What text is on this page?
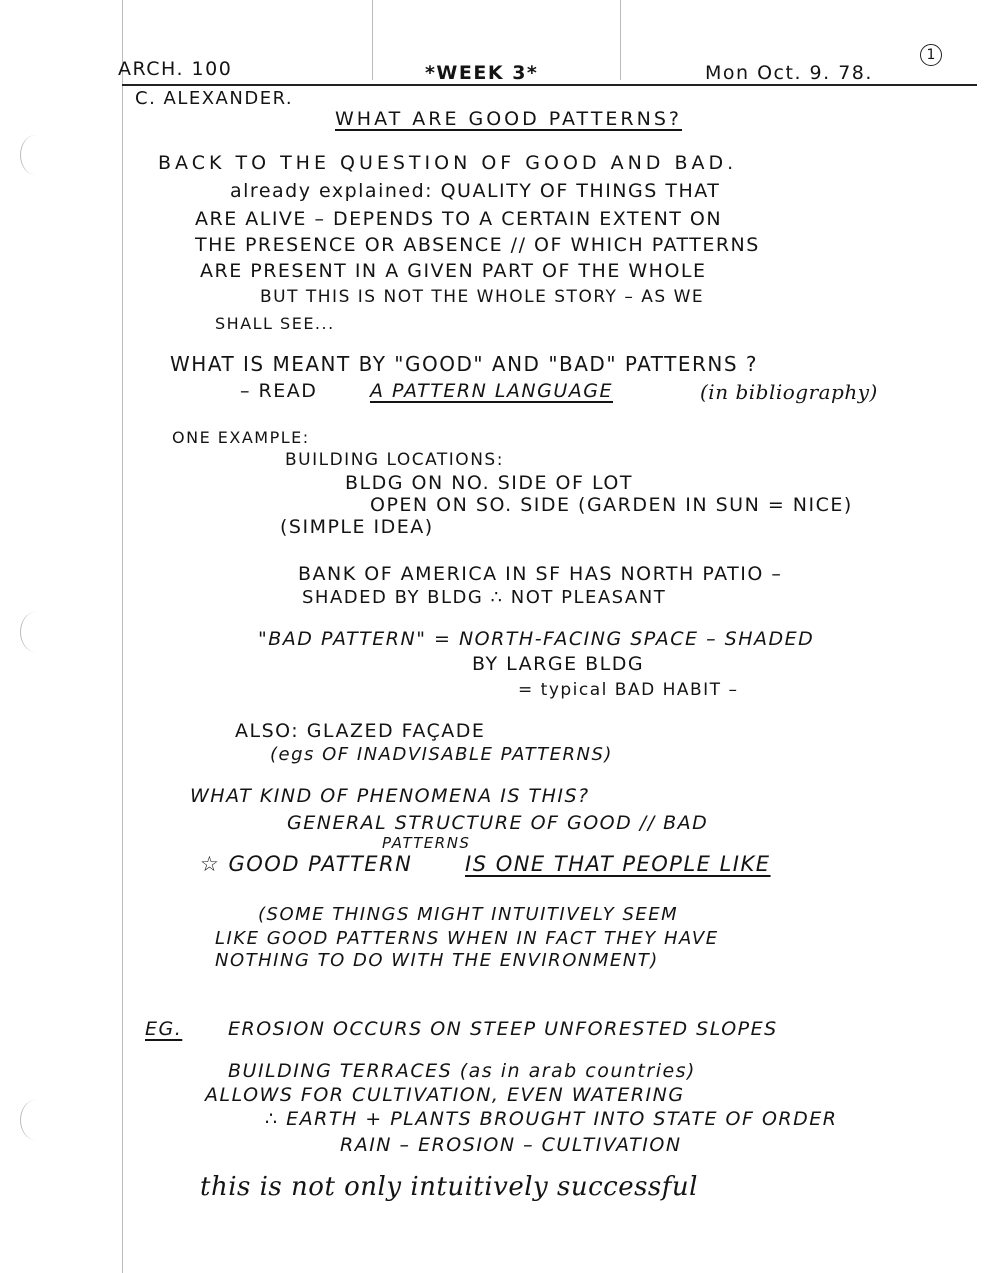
1
ARCH. 100	*WEEK 3*	Mon Oct. 9. 78.
C. ALEXANDER.
WHAT ARE GOOD PATTERNS?
BACK TO THE QUESTION OF GOOD AND BAD.
already explained: QUALITY OF THINGS THAT
ARE ALIVE – DEPENDS TO A CERTAIN EXTENT ON
THE PRESENCE OR ABSENCE // OF WHICH PATTERNS
ARE PRESENT IN A GIVEN PART OF THE WHOLE
BUT THIS IS NOT THE WHOLE STORY – AS WE
SHALL SEE...
WHAT IS MEANT BY "GOOD" AND "BAD" PATTERNS ?
– READ	A PATTERN LANGUAGE	(in bibliography)
ONE EXAMPLE:
BUILDING LOCATIONS:
BLDG ON NO. SIDE OF LOT
OPEN ON SO. SIDE (GARDEN IN SUN = NICE)
(SIMPLE IDEA)
BANK OF AMERICA IN SF HAS NORTH PATIO –
SHADED BY BLDG ∴ NOT PLEASANT
"BAD PATTERN" = NORTH-FACING SPACE – SHADED
BY LARGE BLDG
= typical BAD HABIT –
ALSO: GLAZED FAÇADE
(egs OF INADVISABLE PATTERNS)
WHAT KIND OF PHENOMENA IS THIS?
GENERAL STRUCTURE OF GOOD // BAD
PATTERNS
☆ GOOD PATTERN	IS ONE THAT PEOPLE LIKE
(SOME THINGS MIGHT INTUITIVELY SEEM
LIKE GOOD PATTERNS WHEN IN FACT THEY HAVE
NOTHING TO DO WITH THE ENVIRONMENT)
EG. EROSION OCCURS ON STEEP UNFORESTED SLOPES
BUILDING TERRACES (as in arab countries)
ALLOWS FOR CULTIVATION, EVEN WATERING
∴ EARTH + PLANTS BROUGHT INTO STATE OF ORDER
RAIN – EROSION – CULTIVATION
this is not only intuitively successful
